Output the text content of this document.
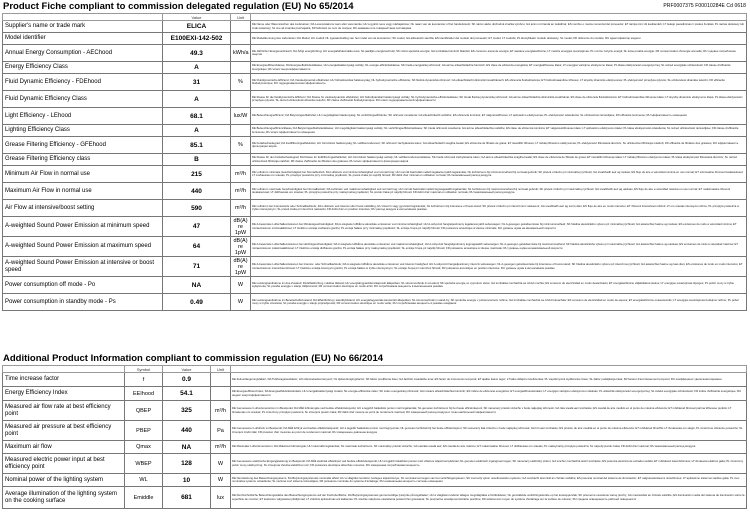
Product Fiche compliant to commission delegated regulation (EU) No 65/2014	PRF0007375 F00010284E Cd 0618
	Value	Unit	
Supplier's name or trade mark	ELICA		DE Name oder Warenzeichen des Lieferanten; DA Leverandørens navn eller varemærke; HU a gyártó neve vagy márkajelzése; NL naam van de leverancier of het handelsmerk; SK názov alebo obchodná značka výrobcu; GA ainm nó branda an tsoláthraí; ES nombre o marca comercial del proveedor; ET tarnija nimi või kaubamärk; LT tiekėjo pavadinimas ir prekės ženklas; PL nazwa dostawcy lub znak towarowy; SL ime ali znamka proizvajalca; FR fabricant ou nom de marque; RU название или товарный знак поставщика

Model identifier	E100EXI-142-502		DE Modellkennung des Lieferanten; DA Model; HU modell; NL typeaanduiding van het model van de leverancier; SK model; GA aitheantóir samhla; ES identificador del modelo del proveedor; ET mudel; LT modelis; PL identyfikator modelu dostawcy; SL model; FR référence du modèle; RU идентификатор модели

Annual Energy Consumption - AEChood	49.3	kWh/a	DE Jährlicher Energieverbrauch; DA Årligt energiforbrug; HU energiafelhasználás éves; NL jaarlijks energieverbruik; SK ročná spotreba energie; GA tomhaltas fuinnimh bliantúil; ES consumo anual de energía; ET aastane energiatarbimine; LT metinis energijos suvartojimas; PL roczne zużycie energii; SL letna poraba energije; FR consommation d'énergie annuelle; RU годовое потребление энергии

Energy Efficiency Class	A		DE Energieeffizienzklasse; DA Energieeffektivitetsklasse; HU energiahatékonysági osztály; NL energie-efficiëntieklasse; SK trieda energetickej účinnosti; GA aicme éifeachtúlachta fuinnimh; ES clase de eficiencia energética; ET energiatõhususe klass; LT energijos vartojimo efektyvumo klasė; PL klasa efektywności energetycznej; SL razred energijske učinkovitosti; FR classe d'efficacité énergétique; RU класс энергоэффективности

Fluid Dynamic Efficiency - FDEhood	31	%	DE Fluiddynamische Effizienz; DA Væskedynamisk effektivitet; HU hidrodinamikai hatékonyság; NL hydrodynamische efficiëntie; SK fluidná dynamická účinnosť; GA éifeachtúlacht dinimiciúil sreabhánach; ES eficiencia fluidodinámica; ET hüdrodünaamiline tõhusus; LT skysčių dinaminis efektyvumas; PL efektywność przepływu płynów; SL učinkovitost dinamike tekočin; FR efficacité fluidodynamique; RU гидродинамическая эффективность

Fluid Dynamic Efficiency Class	A		DE Klasse für die fluiddynamische Effizienz; DA Klasse for væskedynamisk effektivitet; HU hidrodinamikai hatékonysági osztály; NL hydrodynamische-efficiëntieklasse; SK trieda fluidnej dynamickej účinnosti; GA aicme éifeachtúlachta dinimiciúla sreabhánaí; ES clase de eficiencia fluidodinámica; ET hüdrodünaamilise tõhususe klass; LT skysčių dinaminio efektyvumo klasė; PL klasa efektywności przepływu płynów; SL razred učinkovitosti dinamike tekočin; FR classe d'efficacité fluidodynamique; RU класс гидродинамической эффективности

Light Efficiency - LEhood	68.1	lux/W	DE Beleuchtungseffizienz; DA Belysningseffektivitet; HU megvilágítási hatékonyság; NL verlichtingsefficiëntie; SK účinnosť osvetlenia; GA éifeachtúlacht soilsithe; ES eficiencia lumínica; ET valgustustõhusus; LT apšvietimo efektyvumas; PL efektywność oświetlenia; SL učinkovitost razsvetljave; FR efficacité lumineuse; RU эффективность освещения

Lighting Efficiency Class	A		DE Beleuchtungseffizienzklasse; DA Belysningseffektivitetsklasse; HU megvilágítási hatékonysági osztály; NL verlichtingsefficiëntieklasse; SK trieda účinnosti osvetlenia; GA aicme éifeachtúlachta soilsithe; ES clase de eficiencia lumínica; ET valgustustõhususe klass; LT apšvietimo efektyvumo klasė; PL klasa efektywności oświetlenia; SL razred učinkovitosti razsvetljave; FR classe d'efficacité lumineuse; RU класс эффективности освещения

Grease Filtering Efficiency - GFEhood	85.1	%	DE Fettabscheidegrad; DA Fedtfiltreringseffektivitet; HU zsírszűrési hatékonyság; NL vetfilterrendement; SK účinnosť zachytávania tukov; GA éifeachtúlacht scagtha bealaí; ES eficiencia de filtrado de grasa; ET rasvafiltri tõhusus; LT riebalų filtravimo efektyvumas; PL efektywność filtrowania tłuszczu; SL učinkovitost filtriranja maščob; FR efficacité de filtration des graisses; RU эффективность фильтрации жиров

Grease Filtering Efficiency class	B		DE Klasse für den Fettabscheidegrad; DA Klasse for fedtfiltreringseffektivitet; HU zsírszűrési hatékonysági osztály; NL vetfilterrendementsklasse; SK trieda účinnosti zachytávania tukov; GA aicme éifeachtúlachta scagtha bealaí; ES clase de eficiencia de filtrado de grasa; ET rasvafiltri tõhususe klass; LT riebalų filtravimo efektyvumo klasė; PL klasa efektywności filtrowania tłuszczu; SL razred učinkovitosti filtriranja maščob; FR classe d'efficacité de filtration des graisses; RU класс эффективности фильтрации жиров

Minimum Air Flow in normal use	215	m³/h	DE Luftstrom minimale Geschwindigkeit bei Normalbetrieb; DA Luftstrøm ved minimumshastighed ved normal brug; HU normál használat melletti legalacsonyabb légáramlás; NL luchtstroom bij minimumsnelheid bij normaal gebruik; SK prietok vzduchu pri minimálnej rýchlosti; GA sreabhadh aeir ag íosluas; ES flujo de aire a velocidad mínima en uso normal; ET minimaalne õhuvool tavakasutusel; LT mažiausias oro srautas; PL przepływ powietrza przy minimalnej prędkości; SL pretok zraka pri najnižji hitrosti; FR débit d'air minimal en utilisation normale; RU минимальный расход воздуха

Maximum Air Flow in normal use	440	m³/h	DE Luftstrom maximale Geschwindigkeit bei Normalbetrieb; DA Luftstrøm ved maksimumshastighed ved normal brug; HU normál használat melletti legmagasabb légáramlás; NL luchtstroom bij maximumsnelheid bij normaal gebruik; SK prietok vzduchu pri maximálnej rýchlosti; GA sreabhadh aeir ag uasluas; ES flujo de aire a velocidad máxima en uso normal; ET maksimaalne õhuvool tavakasutusel; LT didžiausias oro srautas; PL przepływ powietrza przy maksymalnej prędkości; SL pretok zraka pri najvišji hitrosti; FR débit d'air maximal en utilisation normale; RU максимальный расход воздуха

Air Flow at intensive/boost setting	590	m³/h	DE Luftstrom bei Intensivstufe oder Schnelllaufstufe; DA Luftstrøm ved intensiv eller boost-indstilling; HU intenzív vagy gyorsított légáramlás; NL luchtstroom bij intensieve of boost-stand; SK prietok vzduchu pri intenzívnom nastavení; GA sreabhadh aeir ag socrú dian; ES flujo de aire en modo intensivo; ET õhuvool intensiivsel režiimil; LT oro srautas intensyviu režimu; PL przepływ powietrza w trybie intensywnym; SL pretok zraka pri intenzivni nastavitvi; FR débit d'air en position intensive; RU расход воздуха в интенсивном режиме

A-weighted Sound Power Emission at minimum speed	47	dB(A) re 1pW	DE A-bewertete Luftschallemissionen bei Mindestgeschwindigkeit; DA A-vægtede luftbårne akustiske emissioner ved minimumshastighed; HU A-súlyozott hangteljesítmény legalacsonyabb sebességen; NL A-gewogen geluidsemissie bij minimumsnelheid; SK hladina akustického výkonu pri minimálnej rýchlosti; GA astaíochtaí fuaime ag íosluas; ES emisiones de ruido a velocidad mínima; ET müraemissioon minimaalkiirusel; LT triukšmo emisija mažiausiu greičiu; PL emisja hałasu przy minimalnej prędkości; SL emisije hrupa pri najnižji hitrosti; FR puissance acoustique à vitesse minimale; RU уровень шума на минимальной скорости

A-weighted Sound Power Emission at maximum speed	64	dB(A) re 1pW	DE A-bewertete Luftschallemissionen bei Höchstgeschwindigkeit; DA A-vægtede luftbårne akustiske emissioner ved maksimumshastighed; HU A-súlyozott hangteljesítmény legmagasabb sebességen; NL A-gewogen geluidsemissie bij maximumsnelheid; SK hladina akustického výkonu pri maximálnej rýchlosti; GA astaíochtaí fuaime ag uasluas; ES emisiones de ruido a velocidad máxima; ET müraemissioon maksimaalkiirusel; LT triukšmo emisija didžiausiu greičiu; PL emisja hałasu przy maksymalnej prędkości; SL emisije hrupa pri najvišji hitrosti; FR puissance acoustique à vitesse maximale; RU уровень шума на максимальной скорости

A-weighted Sound Power Emission at intensive or boost speed	71	dB(A) re 1pW	DE A-bewertete Luftschallemissionen bei Intensiv- oder Schnelllaufstufe; DA A-vægtede luftbårne akustiske emissioner ved intensiv hastighed; HU A-súlyozott hangteljesítmény intenzív sebességen; NL A-gewogen geluidsemissie bij intensieve of boost-stand; SK hladina akustického výkonu pri intenzívnej rýchlosti; GA astaíochtaí fuaime ag luas dian; ES emisiones de ruido en modo intensivo; ET müraemissioon intensiivsel kiirusel; LT triukšmo emisija intensyviu greičiu; PL emisja hałasu w trybie intensywnym; SL emisije hrupa pri intenzivni hitrosti; FR puissance acoustique en position intensive; RU уровень шума в интенсивном режиме

Power consumption off mode - Po	NA	W	DE Leistungsaufnahme im Aus-Zustand; DA Effektforbrug i slukket tilstand; HU energiafogyasztás kikapcsolt állapotban; NL stroomverbruik in uit-stand; SK spotreba energie vo vypnutom stave; GA tomhaltas cumhachta sa mhód múchta; ES consumo de electricidad en modo desactivado; ET energiatarbimine väljalülitatud olekus; LT energijos suvartojimas išjungus; PL pobór mocy w trybie wyłączenia; SL poraba energije v stanju izključenosti; FR consommation électrique en mode arrêt; RU потребляемая мощность в выключенном режиме

Power consumption in standby mode - Ps	0.49	W	DE Leistungsaufnahme im Bereitschaftszustand; DA Effektforbrug i standbytilstand; HU energiafogyasztás készenléti állapotban; NL stroomverbruik in stand-by; SK spotreba energie v pohotovostnom režime; GA tomhaltas cumhachta sa mhód fuireachais; ES consumo de electricidad en modo de espera; ET energiatarbimine ooteseisundis; LT energijos suvartojimas budėjimo režimu; PL pobór mocy w trybie czuwania; SL poraba energije v stanju pripravljenosti; FR consommation électrique en mode veille; RU потребляемая мощность в режиме ожидания
Additional Product Information compliant to commission regulation (EU) No 66/2014
	Symbol	Value	Unit	
Time increase factor	f	0.9		DE Zeitverlängerungsfaktor; DA Tidsforøgelsesfaktor; HU időnövekedési tényező; NL tijdsverlengingsfactor; SK faktor predĺženia času; GA fachtóir méadaithe ama; ES factor de incremento temporal; ET ajalise kasvu tegur; LT laiko didėjimo koeficientas; PL współczynnik wydłużenia czasu; SL faktor podaljšanja časa; FR facteur d'accroissement temporel; RU коэффициент увеличения времени

Energy Efficiency Index	EEIhood	54.1		DE Energieeffizienzindex; DA Energieeffektivitetsindeks; HU energiahatékonysági mutató; NL energie-efficiëntie-index; SK index energetickej účinnosti; GA innéacs éifeachtúlachta fuinnimh; ES índice de eficiencia energética; ET energiatõhususindeks; LT energijos vartojimo efektyvumo indeksas; PL wskaźnik efektywności energetycznej; SL indeks energijske učinkovitosti; FR indice d'efficacité énergétique; RU индекс энергоэффективности

Measured air flow rate at best efficiency point	QBEP	325	m³/h	DE Gemessener Luftvolumenstrom im Bestpunkt; DA Målt luftmængde ved bedste effektivitetspunkt; HU a legjobb hatásfokú ponton mért légáramlás; NL gemeten luchtstroom bij het beste efficiëntiepunt; SK nameraný prietok vzduchu v bode najlepšej účinnosti; GA ráta sreafa aeir tomhaiste; ES caudal de aire medido en el punto de máxima eficiencia; ET mõõdetud õhuvool parima tõhususe punktis; LT išmatuotas oro srautas; PL zmierzony przepływ powietrza; SL izmerjeni pretok zraka; FR débit d'air mesuré au point de rendement maximal; RU измеренный расход воздуха в точке наибольшей эффективности

Measured air pressure at best efficiency point	PBEP	440	Pa	DE Gemessener Luftdruck im Bestpunkt; DA Målt lufttryk ved bedste effektivitetspunkt; HU a legjobb hatásfokú ponton mért légnyomás; NL gemeten luchtdruk bij het beste efficiëntiepunt; SK nameraný tlak vzduchu v bode najlepšej účinnosti; GA brú aeir tomhaiste; ES presión de aire medida en el punto de máxima eficiencia; ET mõõdetud õhurõhk; LT išmatuotas oro slėgis; PL zmierzone ciśnienie powietrza; SL izmerjeni zračni tlak; FR pression d'air mesurée au point de rendement maximal; RU измеренное давление воздуха

Maximum air flow	Qmax	NA	m³/h	DE Maximaler Luftvolumenstrom; DA Maksimal luftmængde; HU maximális légáramlás; NL maximale luchtstroom; SK maximálny prietok vzduchu; GA uasráta sreafa aeir; ES caudal de aire máximo; ET maksimaalne õhuvool; LT didžiausias oro srautas; PL maksymalny przepływ powietrza; SL največji pretok zraka; FR débit d'air maximal; RU максимальный расход воздуха

Measured electric power input at best efficiency point	WBEP	128	W	DE Gemessene elektrische Eingangsleistung im Bestpunkt; DA Målt elektrisk effektinput ved bedste effektivitetspunkt; HU a legjobb hatásfokú ponton mért villamos teljesítményfelvétel; NL gemeten elektrisch ingangsvermogen; SK nameraný elektrický príkon; GA ionchur cumhachta leictrí tomhaiste; ES potencia eléctrica de entrada medida; ET mõõdetud sisendvõimsus; LT išmatuota elektros galia; PL zmierzony pobór mocy elektrycznej; SL izmerjena vhodna električna moč; FR puissance électrique absorbée mesurée; RU измеренная потребляемая мощность

Nominal power of the lighting system	WL	10	W	DE Nennleistung des Beleuchtungssystems; DA Belysningssystemets nominelle effekt; HU a világítási rendszer névleges teljesítménye; NL nominaal vermogen van het verlichtingssysteem; SK menovitý výkon osvetľovacieho systému; GA cumhacht ainmniúil an chórais soilsithe; ES potencia nominal del sistema de iluminación; ET valgustussüsteemi nimivõimsus; LT apšvietimo sistemos vardinė galia; PL moc nominalna systemu oświetlenia; SL nazivna moč sistema razsvetljave; FR puissance nominale du système d'éclairage; RU номинальная мощность системы освещения

Average illumination of the lighting system on the cooking surface	Emiddle	681	lux	DE Durchschnittliche Beleuchtungsstärke des Beleuchtungssystems auf der Kochoberfläche; DA Belysningssystemets gennemsnitlige lysstyrke på kogefladen; HU a világítási rendszer átlagos megvilágítása a főzőfelületen; NL gemiddelde verlichtingssterkte op het kookoppervlak; SK priemerné osvetlenie varnej plochy; GA meánsoilsiú an chórais soilsithe; ES iluminación media del sistema de iluminación sobre la superficie de cocción; ET keskmine valgustatus pliidipinnal; LT vidutinis apšvietimas ant kaitlentės; PL średnie natężenie oświetlenia powierzchni gotowania; SL povprečna osvetljenost kuhalne površine; FR éclairement moyen du système d'éclairage sur la surface de cuisson; RU средняя освещённость рабочей поверхности
